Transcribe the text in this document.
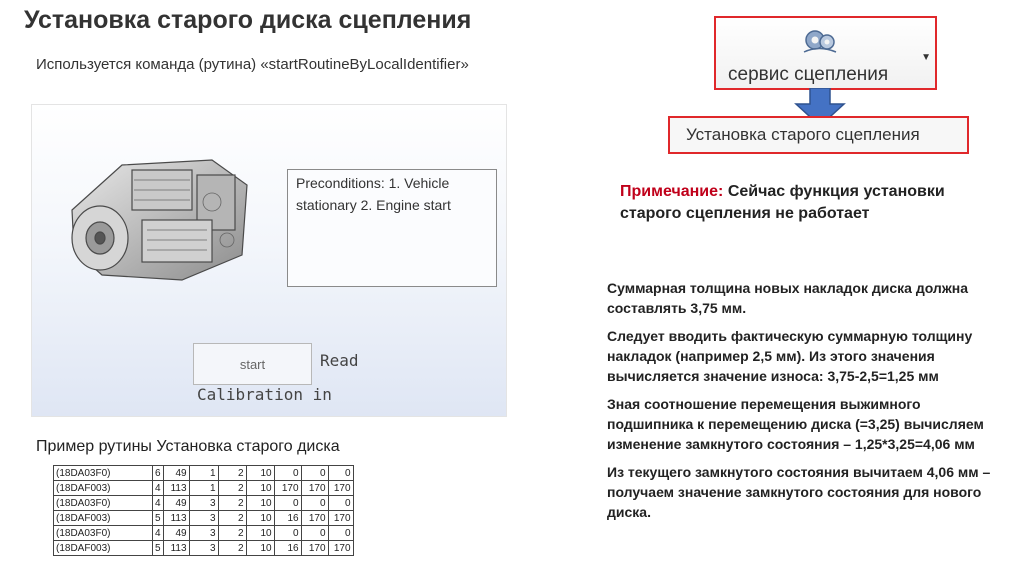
Установка старого диска сцепления
Используется команда (рутина) «startRoutineByLocalIdentifier»
Preconditions: 1. Vehicle stationary 2. Engine start
start	Read
Calibration in
Пример рутины Установка старого диска
(18DA03F0)	6	49	1	2	10	0	0	0
(18DAF003)	4	113	1	2	10	170	170	170
(18DA03F0)	4	49	3	2	10	0	0	0
(18DAF003)	5	113	3	2	10	16	170	170
(18DA03F0)	4	49	3	2	10	0	0	0
(18DAF003)	5	113	3	2	10	16	170	170
сервис сцепления
▼
Установка старого сцепления
Примечание: Сейчас функция установки старого сцепления не работает

Суммарная толщина новых накладок диска должна составлять 3,75 мм.

Следует вводить фактическую суммарную толщину накладок (например 2,5 мм). Из этого значения вычисляется значение износа: 3,75-2,5=1,25 мм

Зная соотношение перемещения выжимного подшипника к перемещению диска (=3,25) вычисляем изменение замкнутого состояния – 1,25*3,25=4,06 мм

Из текущего замкнутого состояния вычитаем 4,06 мм – получаем значение замкнутого состояния для нового диска.
